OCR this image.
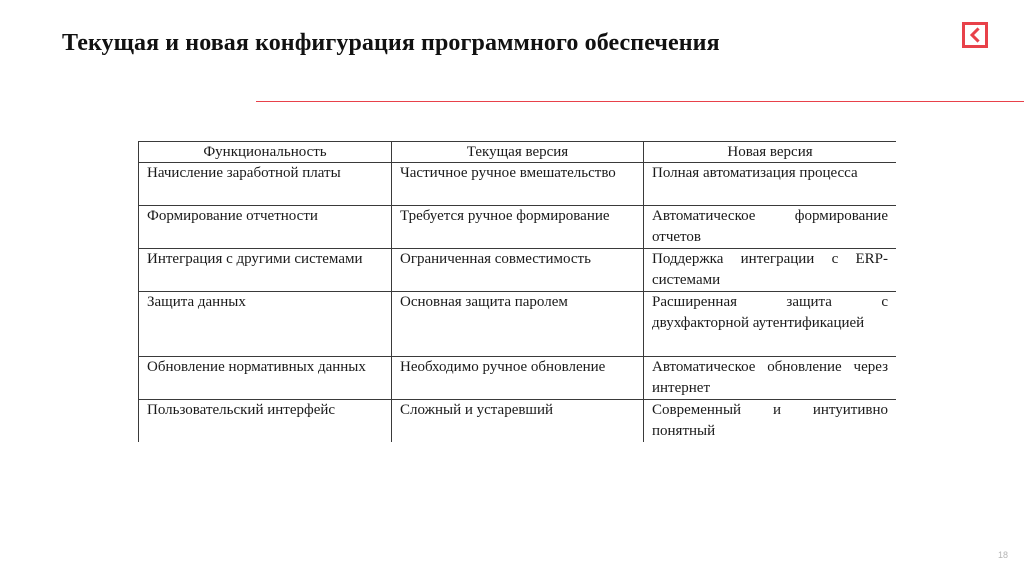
Текущая и новая конфигурация программного обеспечения
Функциональность	Текущая версия	Новая версия
Начисление заработной платы	Частичное ручное вмешательство	Полная автоматизация процесса
Формирование отчетности	Требуется ручное формирование	Автоматическое формирование отчетов
Интеграция с другими системами	Ограниченная совместимость	Поддержка интеграции с ERP-системами
Защита данных	Основная защита паролем	Расширенная защита с двухфакторной аутентификацией
Обновление нормативных данных	Необходимо ручное обновление	Автоматическое обновление через интернет
Пользовательский интерфейс	Сложный и устаревший	Современный и интуитивно понятный
18
